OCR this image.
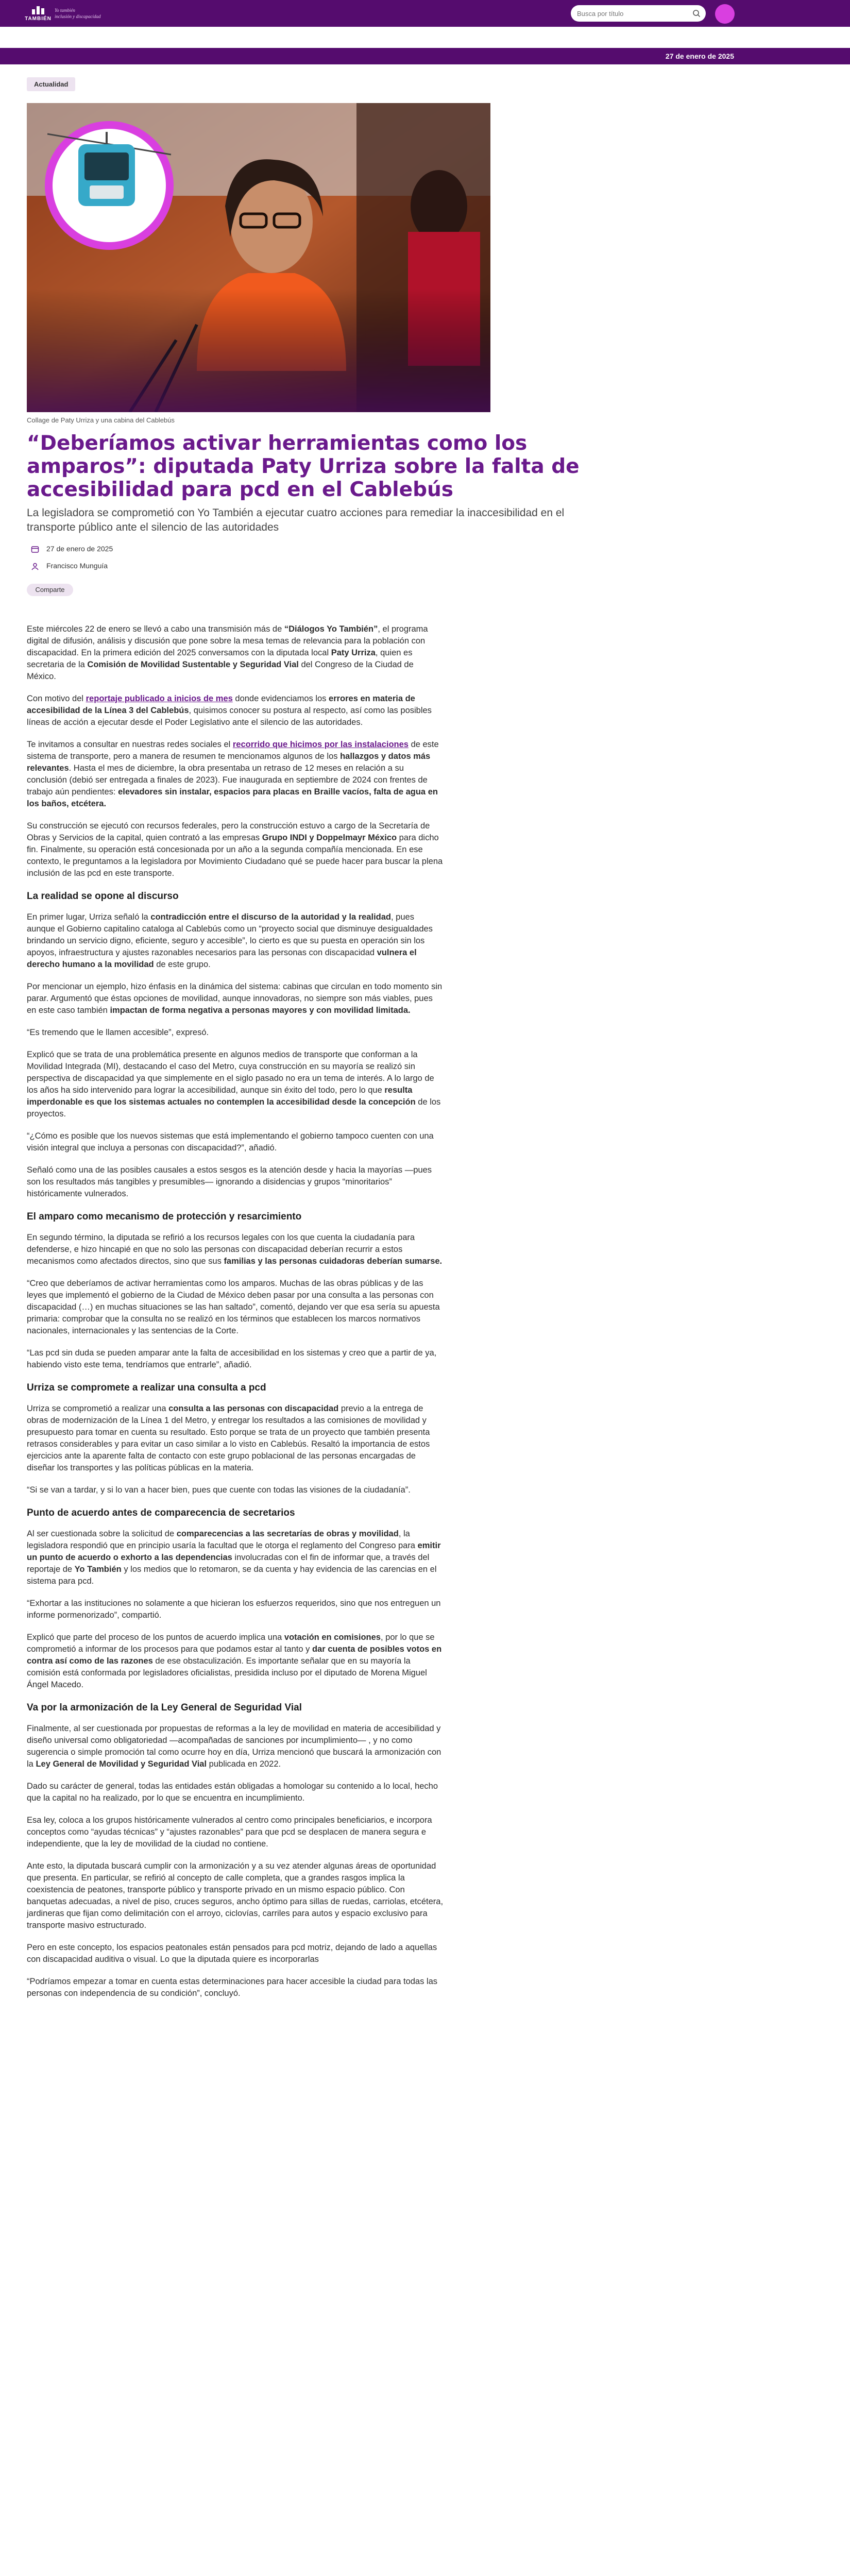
TAMBIÉN
Yo también
inclusión y discapacidad
Busca por título
27 de enero de 2025
Actualidad
Collage de Paty Urriza y una cabina del Cablebús
“Deberíamos activar herramientas como los amparos”: diputada Paty Urriza sobre la falta de accesibilidad para pcd en el Cablebús
La legisladora se comprometió con Yo También a ejecutar cuatro acciones para remediar la inaccesibilidad en el transporte público ante el silencio de las autoridades
27 de enero de 2025
Francisco Munguía
Comparte

Este miércoles 22 de enero se llevó a cabo una transmisión más de “Diálogos Yo También”, el programa digital de difusión, análisis y discusión que pone sobre la mesa temas de relevancia para la población con discapacidad. En la primera edición del 2025 conversamos con la diputada local Paty Urriza, quien es secretaria de la Comisión de Movilidad Sustentable y Seguridad Vial del Congreso de la Ciudad de México.

Con motivo del reportaje publicado a inicios de mes donde evidenciamos los errores en materia de accesibilidad de la Línea 3 del Cablebús, quisimos conocer su postura al respecto, así como las posibles líneas de acción a ejecutar desde el Poder Legislativo ante el silencio de las autoridades.

Te invitamos a consultar en nuestras redes sociales el recorrido que hicimos por las instalaciones de este sistema de transporte, pero a manera de resumen te mencionamos algunos de los hallazgos y datos más relevantes. Hasta el mes de diciembre, la obra presentaba un retraso de 12 meses en relación a su conclusión (debió ser entregada a finales de 2023). Fue inaugurada en septiembre de 2024 con frentes de trabajo aún pendientes: elevadores sin instalar, espacios para placas en Braille vacíos, falta de agua en los baños, etcétera.

Su construcción se ejecutó con recursos federales, pero la construcción estuvo a cargo de la Secretaría de Obras y Servicios de la capital, quien contrató a las empresas Grupo INDI y Doppelmayr México para dicho fin. Finalmente, su operación está concesionada por un año a la segunda compañía mencionada. En ese contexto, le preguntamos a la legisladora por Movimiento Ciudadano qué se puede hacer para buscar la plena inclusión de las pcd en este transporte.

La realidad se opone al discurso

En primer lugar, Urriza señaló la contradicción entre el discurso de la autoridad y la realidad, pues aunque el Gobierno capitalino cataloga al Cablebús como un “proyecto social que disminuye desigualdades brindando un servicio digno, eficiente, seguro y accesible”, lo cierto es que su puesta en operación sin los apoyos, infraestructura y ajustes razonables necesarios para las personas con discapacidad vulnera el derecho humano a la movilidad de este grupo.

Por mencionar un ejemplo, hizo énfasis en la dinámica del sistema: cabinas que circulan en todo momento sin parar. Argumentó que éstas opciones de movilidad, aunque innovadoras, no siempre son más viables, pues en este caso también impactan de forma negativa a personas mayores y con movilidad limitada.

“Es tremendo que le llamen accesible”, expresó.

Explicó que se trata de una problemática presente en algunos medios de transporte que conforman a la Movilidad Integrada (MI), destacando el caso del Metro, cuya construcción en su mayoría se realizó sin perspectiva de discapacidad ya que simplemente en el siglo pasado no era un tema de interés. A lo largo de los años ha sido intervenido para lograr la accesibilidad, aunque sin éxito del todo, pero lo que resulta imperdonable es que los sistemas actuales no contemplen la accesibilidad desde la concepción de los proyectos.

“¿Cómo es posible que los nuevos sistemas que está implementando el gobierno tampoco cuenten con una visión integral que incluya a personas con discapacidad?”, añadió.

Señaló como una de las posibles causales a estos sesgos es la atención desde y hacia la mayorías —pues son los resultados más tangibles y presumibles— ignorando a disidencias y grupos “minoritarios” históricamente vulnerados.

El amparo como mecanismo de protección y resarcimiento

En segundo término, la diputada se refirió a los recursos legales con los que cuenta la ciudadanía para defenderse, e hizo hincapié en que no solo las personas con discapacidad deberían recurrir a estos mecanismos como afectados directos, sino que sus familias y las personas cuidadoras deberían sumarse.

“Creo que deberíamos de activar herramientas como los amparos. Muchas de las obras públicas y de las leyes que implementó el gobierno de la Ciudad de México deben pasar por una consulta a las personas con discapacidad (…) en muchas situaciones se las han saltado”, comentó, dejando ver que esa sería su apuesta primaria: comprobar que la consulta no se realizó en los términos que establecen los marcos normativos nacionales, internacionales y las sentencias de la Corte.

“Las pcd sin duda se pueden amparar ante la falta de accesibilidad en los sistemas y creo que a partir de ya, habiendo visto este tema, tendríamos que entrarle”, añadió.

Urriza se compromete a realizar una consulta a pcd

Urriza se comprometió a realizar una consulta a las personas con discapacidad previo a la entrega de obras de modernización de la Línea 1 del Metro, y entregar los resultados a las comisiones de movilidad y presupuesto para tomar en cuenta su resultado. Esto porque se trata de un proyecto que también presenta retrasos considerables y para evitar un caso similar a lo visto en Cablebús. Resaltó la importancia de estos ejercicios ante la aparente falta de contacto con este grupo poblacional de las personas encargadas de diseñar los transportes y las políticas públicas en la materia.

“Si se van a tardar, y si lo van a hacer bien, pues que cuente con todas las visiones de la ciudadanía”.

Punto de acuerdo antes de comparecencia de secretarios

Al ser cuestionada sobre la solicitud de comparecencias a las secretarías de obras y movilidad, la legisladora respondió que en principio usaría la facultad que le otorga el reglamento del Congreso para emitir un punto de acuerdo o exhorto a las dependencias involucradas con el fin de informar que, a través del reportaje de Yo También y los medios que lo retomaron, se da cuenta y hay evidencia de las carencias en el sistema para pcd.

“Exhortar a las instituciones no solamente a que hicieran los esfuerzos requeridos, sino que nos entreguen un informe pormenorizado”, compartió.

Explicó que parte del proceso de los puntos de acuerdo implica una votación en comisiones, por lo que se comprometió a informar de los procesos para que podamos estar al tanto y dar cuenta de posibles votos en contra así como de las razones de ese obstaculización. Es importante señalar que en su mayoría la comisión está conformada por legisladores oficialistas, presidida incluso por el diputado de Morena Miguel Ángel Macedo.

Va por la armonización de la Ley General de Seguridad Vial

Finalmente, al ser cuestionada por propuestas de reformas a la ley de movilidad en materia de accesibilidad y diseño universal como obligatoriedad —acompañadas de sanciones por incumplimiento— , y no como sugerencia o simple promoción tal como ocurre hoy en día, Urriza mencionó que buscará la armonización con la Ley General de Movilidad y Seguridad Vial publicada en 2022.

Dado su carácter de general, todas las entidades están obligadas a homologar su contenido a lo local, hecho que la capital no ha realizado, por lo que se encuentra en incumplimiento.

Esa ley, coloca a los grupos históricamente vulnerados al centro como principales beneficiarios, e incorpora conceptos como “ayudas técnicas” y “ajustes razonables” para que pcd se desplacen de manera segura e independiente, que la ley de movilidad de la ciudad no contiene.

Ante esto, la diputada buscará cumplir con la armonización y a su vez atender algunas áreas de oportunidad que presenta. En particular, se refirió al concepto de calle completa, que a grandes rasgos implica la coexistencia de peatones, transporte público y transporte privado en un mismo espacio público. Con banquetas adecuadas, a nivel de piso, cruces seguros, ancho óptimo para sillas de ruedas, carriolas, etcétera, jardineras que fijan como delimitación con el arroyo, ciclovías, carriles para autos y espacio exclusivo para transporte masivo estructurado.

Pero en este concepto, los espacios peatonales están pensados para pcd motriz, dejando de lado a aquellas con discapacidad auditiva o visual. Lo que la diputada quiere es incorporarlas

“Podríamos empezar a tomar en cuenta estas determinaciones para hacer accesible la ciudad para todas las personas con independencia de su condición”, concluyó.
